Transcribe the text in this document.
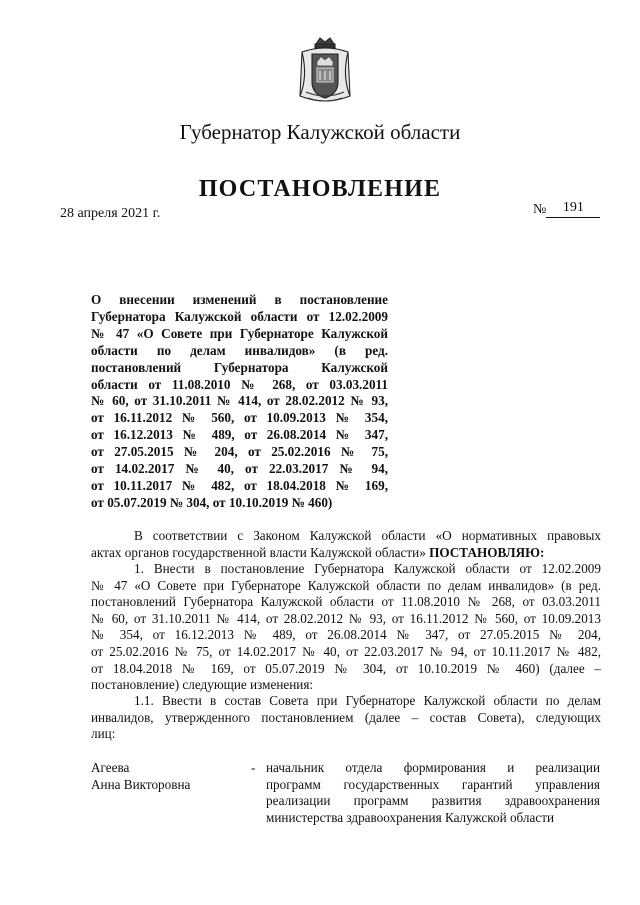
Губернатор Калужской области
ПОСТАНОВЛЕНИЕ
28 апреля 2021 г.	№ 191
О внесении изменений в постановление
Губернатора Калужской области от 12.02.2009
№ 47 «О Совете при Губернаторе Калужской
области по делам инвалидов» (в ред.
постановлений Губернатора Калужской
области от 11.08.2010 № 268, от 03.03.2011
№ 60, от 31.10.2011 № 414, от 28.02.2012 № 93,
от 16.11.2012 № 560, от 10.09.2013 № 354,
от 16.12.2013 № 489, от 26.08.2014 № 347,
от 27.05.2015 № 204, от 25.02.2016 № 75,
от 14.02.2017 № 40, от 22.03.2017 № 94,
от 10.11.2017 № 482, от 18.04.2018 № 169,
от 05.07.2019 № 304, от 10.10.2019 № 460)
В соответствии с Законом Калужской области «О нормативных правовых
актах органов государственной власти Калужской области» ПОСТАНОВЛЯЮ:
1. Внести в постановление Губернатора Калужской области от 12.02.2009
№ 47 «О Совете при Губернаторе Калужской области по делам инвалидов» (в ред.
постановлений Губернатора Калужской области от 11.08.2010 № 268, от 03.03.2011
№ 60, от 31.10.2011 № 414, от 28.02.2012 № 93, от 16.11.2012 № 560, от 10.09.2013
№ 354, от 16.12.2013 № 489, от 26.08.2014 № 347, от 27.05.2015 № 204,
от 25.02.2016 № 75, от 14.02.2017 № 40, от 22.03.2017 № 94, от 10.11.2017 № 482,
от 18.04.2018 № 169, от 05.07.2019 № 304, от 10.10.2019 № 460) (далее –
постановление) следующие изменения:
1.1. Ввести в состав Совета при Губернаторе Калужской области по делам
инвалидов, утвержденного постановлением (далее – состав Совета), следующих
лиц:
Агеева
Анна Викторовна
- начальник отдела формирования и реализации
программ государственных гарантий управления
реализации программ развития здравоохранения
министерства здравоохранения Калужской области
